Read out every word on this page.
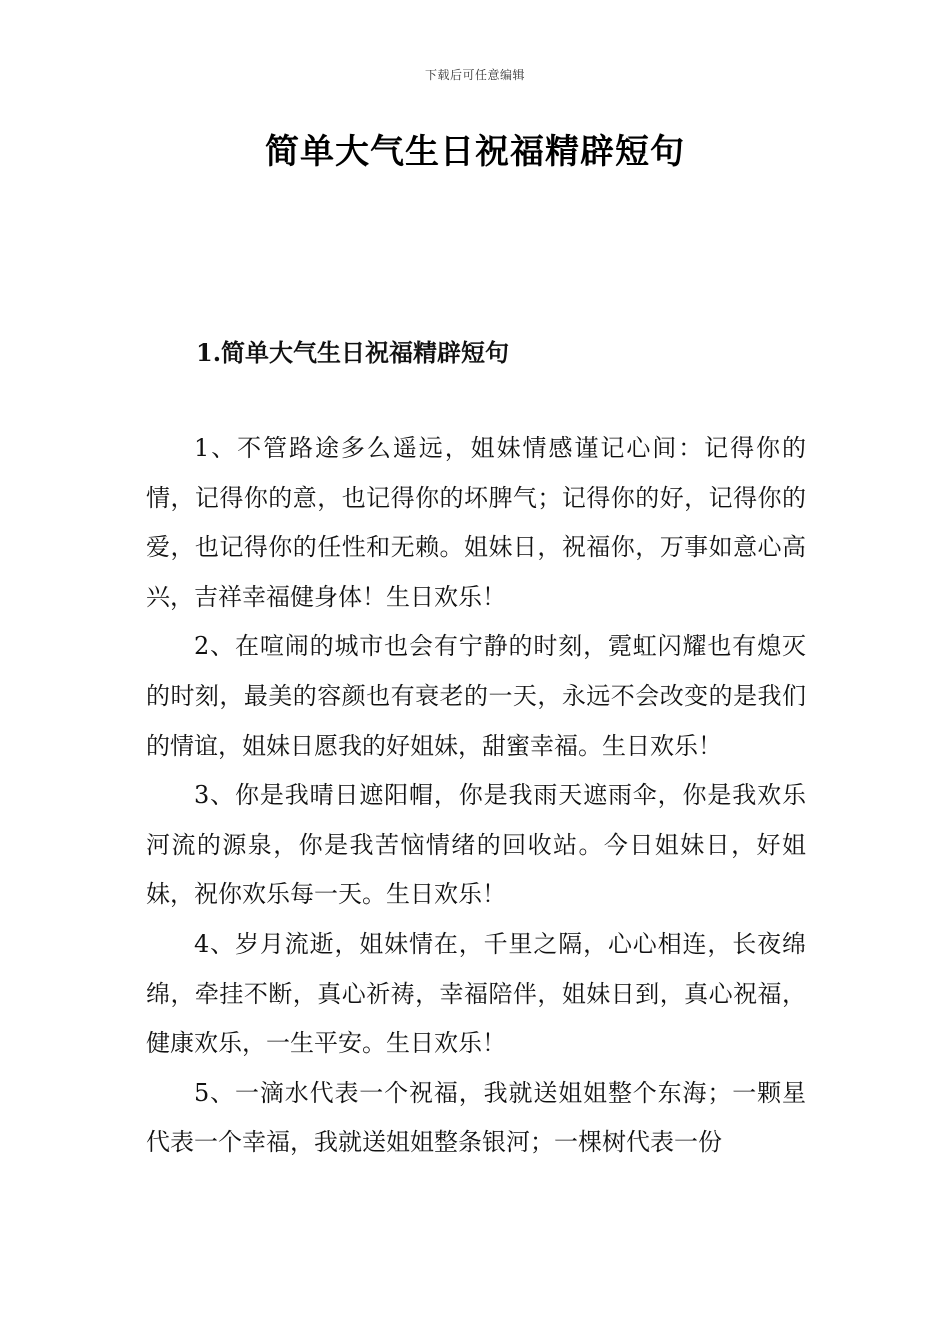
下载后可任意编辑
简单大气生日祝福精辟短句
1.简单大气生日祝福精辟短句

1、不管路途多么遥远，姐妹情感谨记心间：记得你的情，记得你的意，也记得你的坏脾气；记得你的好，记得你的爱，也记得你的任性和无赖。姐妹日，祝福你，万事如意心高兴，吉祥幸福健身体！生日欢乐！

2、在喧闹的城市也会有宁静的时刻，霓虹闪耀也有熄灭的时刻，最美的容颜也有衰老的一天，永远不会改变的是我们的情谊，姐妹日愿我的好姐妹，甜蜜幸福。生日欢乐！

3、你是我晴日遮阳帽，你是我雨天遮雨伞，你是我欢乐河流的源泉，你是我苦恼情绪的回收站。今日姐妹日，好姐妹，祝你欢乐每一天。生日欢乐！

4、岁月流逝，姐妹情在，千里之隔，心心相连，长夜绵绵，牵挂不断，真心祈祷，幸福陪伴，姐妹日到，真心祝福，健康欢乐，一生平安。生日欢乐！

5、一滴水代表一个祝福，我就送姐姐整个东海；一颗星代表一个幸福，我就送姐姐整条银河；一棵树代表一份
